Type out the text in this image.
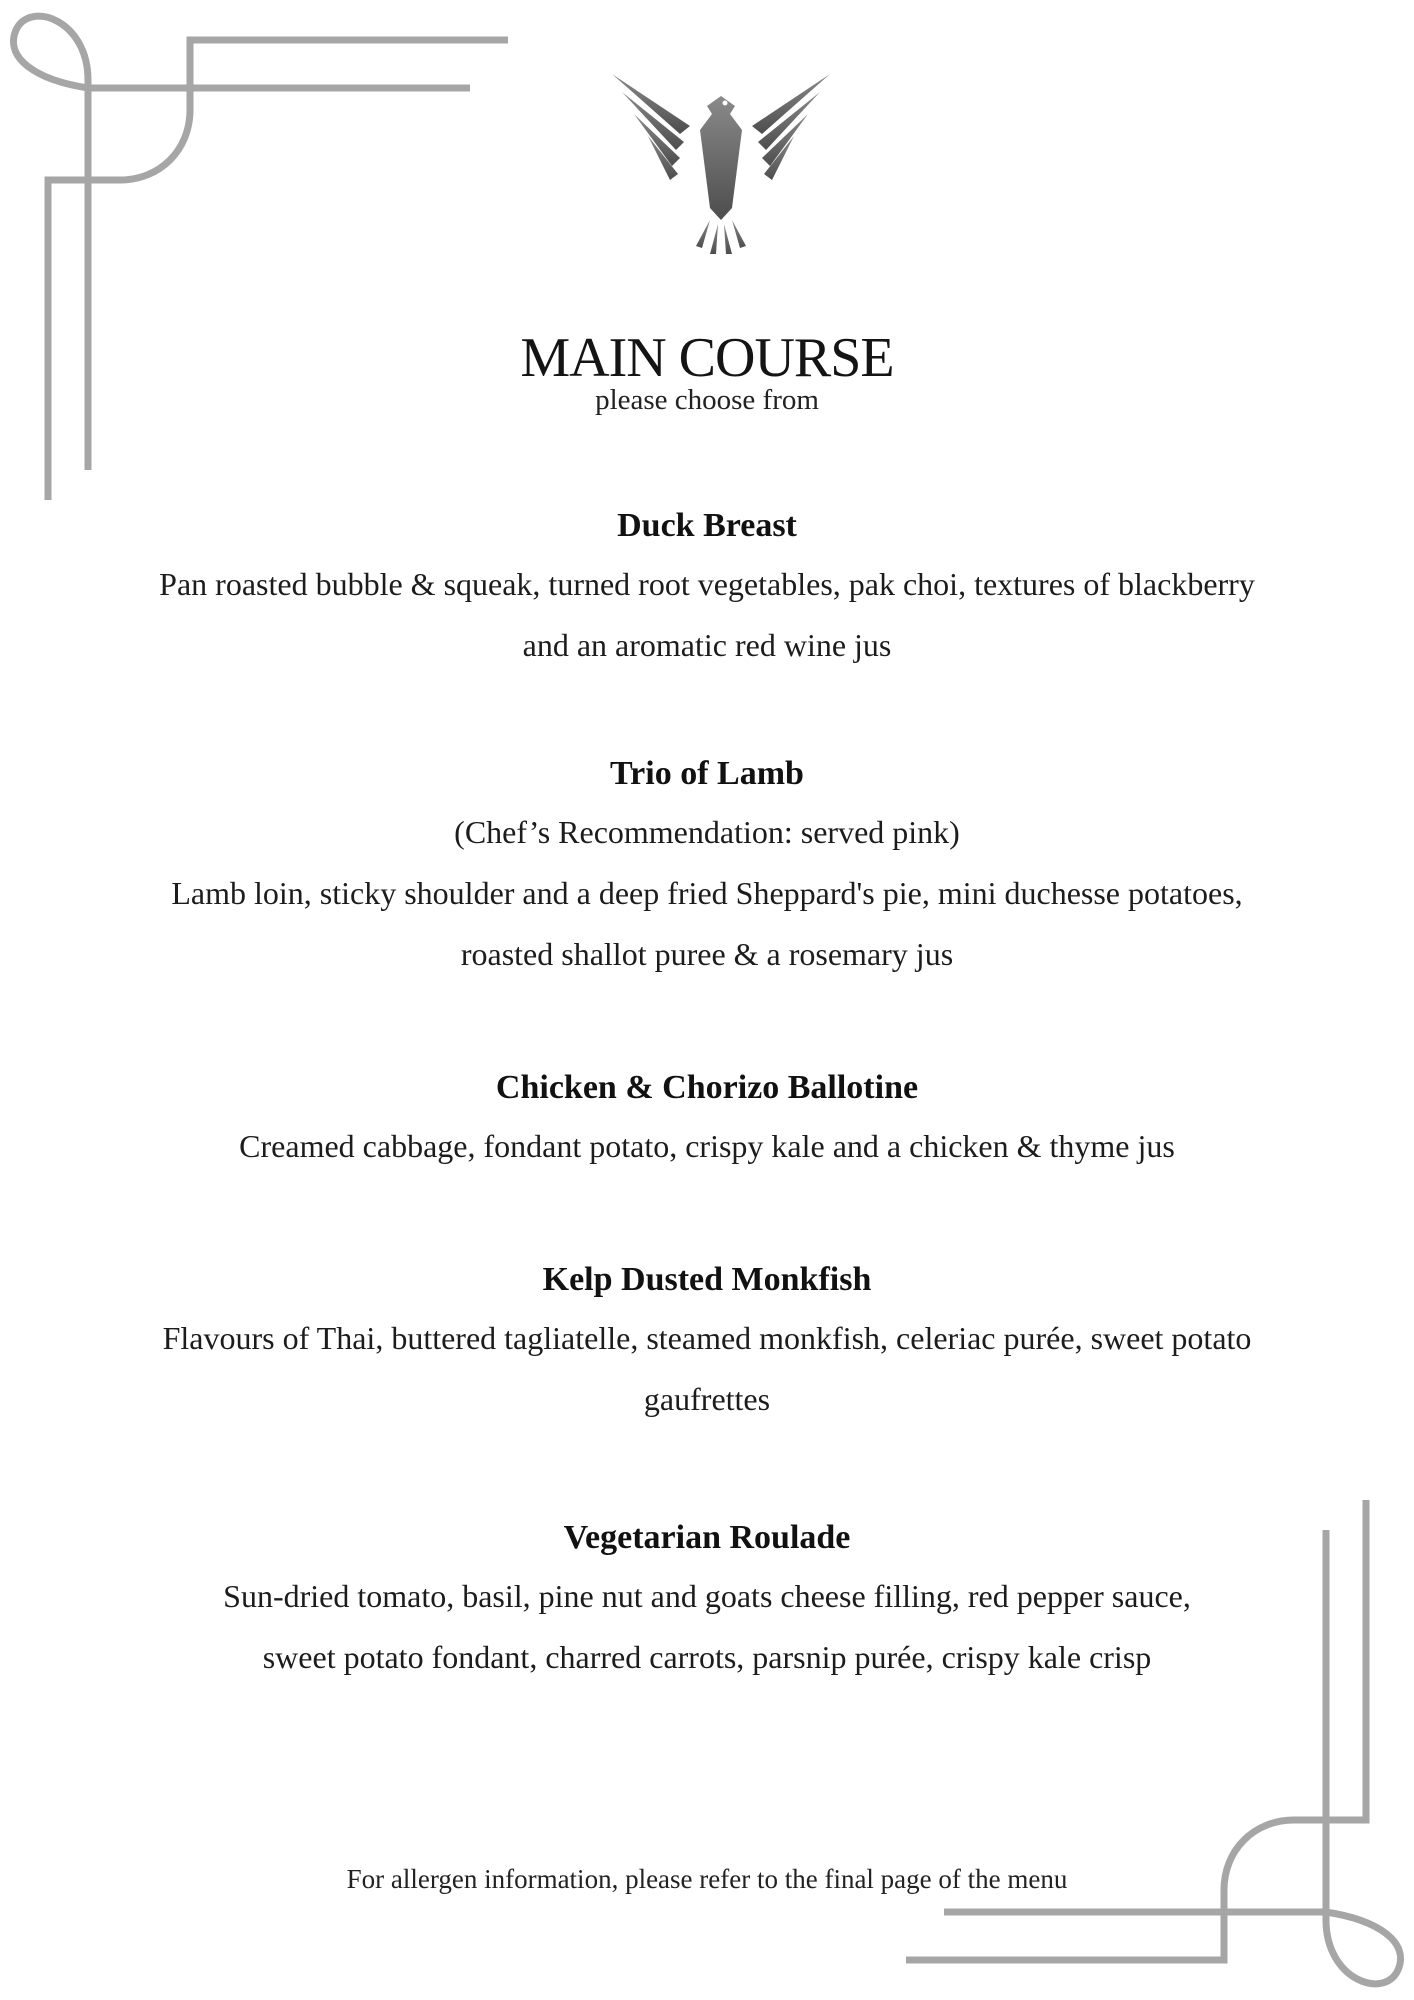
MAIN COURSE
please choose from

Duck Breast

Pan roasted bubble & squeak, turned root vegetables, pak choi, textures of blackberry

and an aromatic red wine jus

Trio of Lamb

(Chef’s Recommendation: served pink)

Lamb loin, sticky shoulder and a deep fried Sheppard's pie, mini duchesse potatoes,

roasted shallot puree & a rosemary jus

Chicken & Chorizo Ballotine

Creamed cabbage, fondant potato, crispy kale and a chicken & thyme jus

Kelp Dusted Monkfish

Flavours of Thai, buttered tagliatelle, steamed monkfish, celeriac purée, sweet potato

gaufrettes

Vegetarian Roulade

Sun-dried tomato, basil, pine nut and goats cheese filling, red pepper sauce,

sweet potato fondant, charred carrots, parsnip purée, crispy kale crisp

For allergen information, please refer to the final page of the menu
